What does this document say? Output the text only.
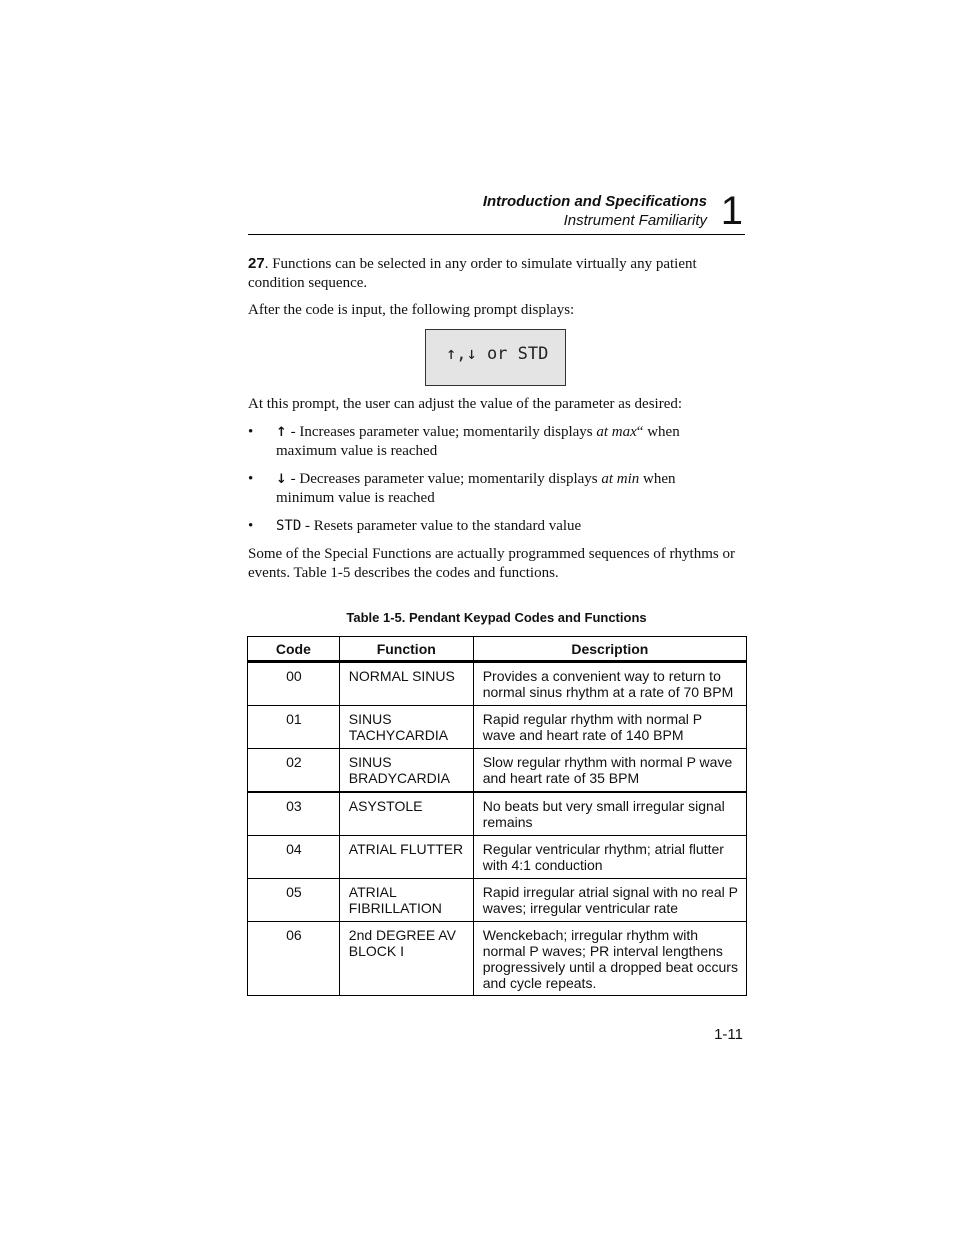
Introduction and Specifications
Instrument Familiarity 1
27. Functions can be selected in any order to simulate virtually any patient condition sequence.
After the code is input, the following prompt displays:
↑,↓ or STD
At this prompt, the user can adjust the value of the parameter as desired:
• ↑ - Increases parameter value; momentarily displays at max“ when maximum value is reached
• ↓ - Decreases parameter value; momentarily displays at min when minimum value is reached
• STD - Resets parameter value to the standard value
Some of the Special Functions are actually programmed sequences of rhythms or events. Table 1-5 describes the codes and functions.
Table 1-5. Pendant Keypad Codes and Functions
Code	Function	Description
00	NORMAL SINUS	Provides a convenient way to return to normal sinus rhythm at a rate of 70 BPM
01	SINUS TACHYCARDIA	Rapid regular rhythm with normal P wave and heart rate of 140 BPM
02	SINUS BRADYCARDIA	Slow regular rhythm with normal P wave and heart rate of 35 BPM
03	ASYSTOLE	No beats but very small irregular signal remains
04	ATRIAL FLUTTER	Regular ventricular rhythm; atrial flutter with 4:1 conduction
05	ATRIAL FIBRILLATION	Rapid irregular atrial signal with no real P waves; irregular ventricular rate
06	2nd DEGREE AV BLOCK I	Wenckebach; irregular rhythm with normal P waves; PR interval lengthens progressively until a dropped beat occurs and cycle repeats.
1-11
